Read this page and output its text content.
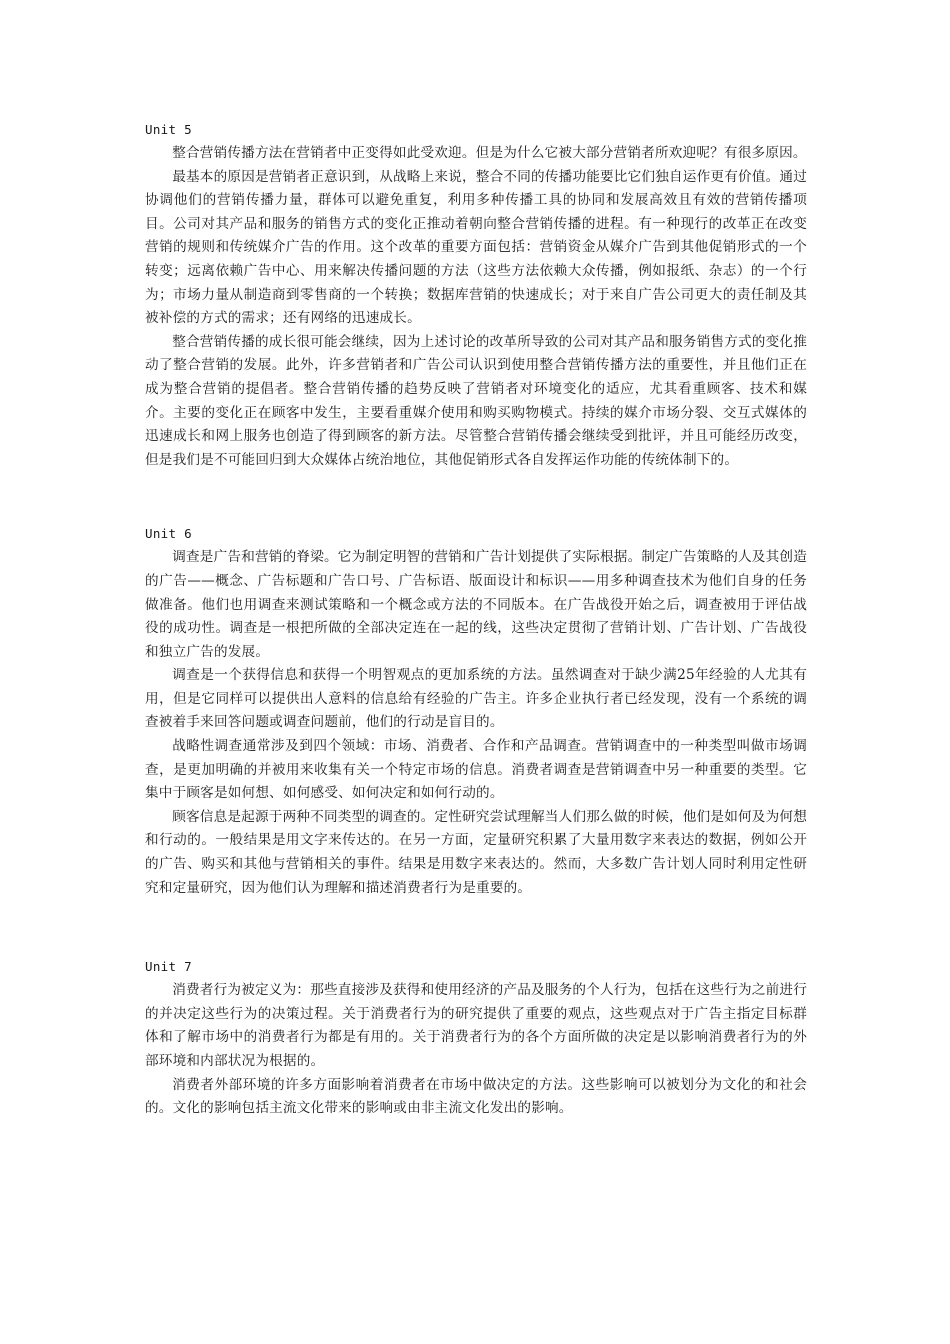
Unit 5

整合营销传播方法在营销者中正变得如此受欢迎。但是为什么它被大部分营销者所欢迎呢？有很多原因。

最基本的原因是营销者正意识到，从战略上来说，整合不同的传播功能要比它们独自运作更有价值。通过协调他们的营销传播力量，群体可以避免重复，利用多种传播工具的协同和发展高效且有效的营销传播项目。公司对其产品和服务的销售方式的变化正推动着朝向整合营销传播的进程。有一种现行的改革正在改变营销的规则和传统媒介广告的作用。这个改革的重要方面包括：营销资金从媒介广告到其他促销形式的一个转变；远离依赖广告中心、用来解决传播问题的方法（这些方法依赖大众传播，例如报纸、杂志）的一个行为；市场力量从制造商到零售商的一个转换；数据库营销的快速成长；对于来自广告公司更大的责任制及其被补偿的方式的需求；还有网络的迅速成长。

整合营销传播的成长很可能会继续，因为上述讨论的改革所导致的公司对其产品和服务销售方式的变化推动了整合营销的发展。此外，许多营销者和广告公司认识到使用整合营销传播方法的重要性，并且他们正在成为整合营销的提倡者。整合营销传播的趋势反映了营销者对环境变化的适应，尤其看重顾客、技术和媒介。主要的变化正在顾客中发生，主要看重媒介使用和购买购物模式。持续的媒介市场分裂、交互式媒体的迅速成长和网上服务也创造了得到顾客的新方法。尽管整合营销传播会继续受到批评，并且可能经历改变，但是我们是不可能回归到大众媒体占统治地位，其他促销形式各自发挥运作功能的传统体制下的。

Unit 6

调查是广告和营销的脊梁。它为制定明智的营销和广告计划提供了实际根据。制定广告策略的人及其创造的广告——概念、广告标题和广告口号、广告标语、版面设计和标识——用多种调查技术为他们自身的任务做准备。他们也用调查来测试策略和一个概念或方法的不同版本。在广告战役开始之后，调查被用于评估战役的成功性。调查是一根把所做的全部决定连在一起的线，这些决定贯彻了营销计划、广告计划、广告战役和独立广告的发展。

调查是一个获得信息和获得一个明智观点的更加系统的方法。虽然调查对于缺少满25年经验的人尤其有用，但是它同样可以提供出人意料的信息给有经验的广告主。许多企业执行者已经发现，没有一个系统的调查被着手来回答问题或调查问题前，他们的行动是盲目的。

战略性调查通常涉及到四个领域：市场、消费者、合作和产品调查。营销调查中的一种类型叫做市场调查，是更加明确的并被用来收集有关一个特定市场的信息。消费者调查是营销调查中另一种重要的类型。它集中于顾客是如何想、如何感受、如何决定和如何行动的。

顾客信息是起源于两种不同类型的调查的。定性研究尝试理解当人们那么做的时候，他们是如何及为何想和行动的。一般结果是用文字来传达的。在另一方面，定量研究积累了大量用数字来表达的数据，例如公开的广告、购买和其他与营销相关的事件。结果是用数字来表达的。然而，大多数广告计划人同时利用定性研究和定量研究，因为他们认为理解和描述消费者行为是重要的。

Unit 7

消费者行为被定义为：那些直接涉及获得和使用经济的产品及服务的个人行为，包括在这些行为之前进行的并决定这些行为的决策过程。关于消费者行为的研究提供了重要的观点，这些观点对于广告主指定目标群体和了解市场中的消费者行为都是有用的。关于消费者行为的各个方面所做的决定是以影响消费者行为的外部环境和内部状况为根据的。

消费者外部环境的许多方面影响着消费者在市场中做决定的方法。这些影响可以被划分为文化的和社会的。文化的影响包括主流文化带来的影响或由非主流文化发出的影响。
